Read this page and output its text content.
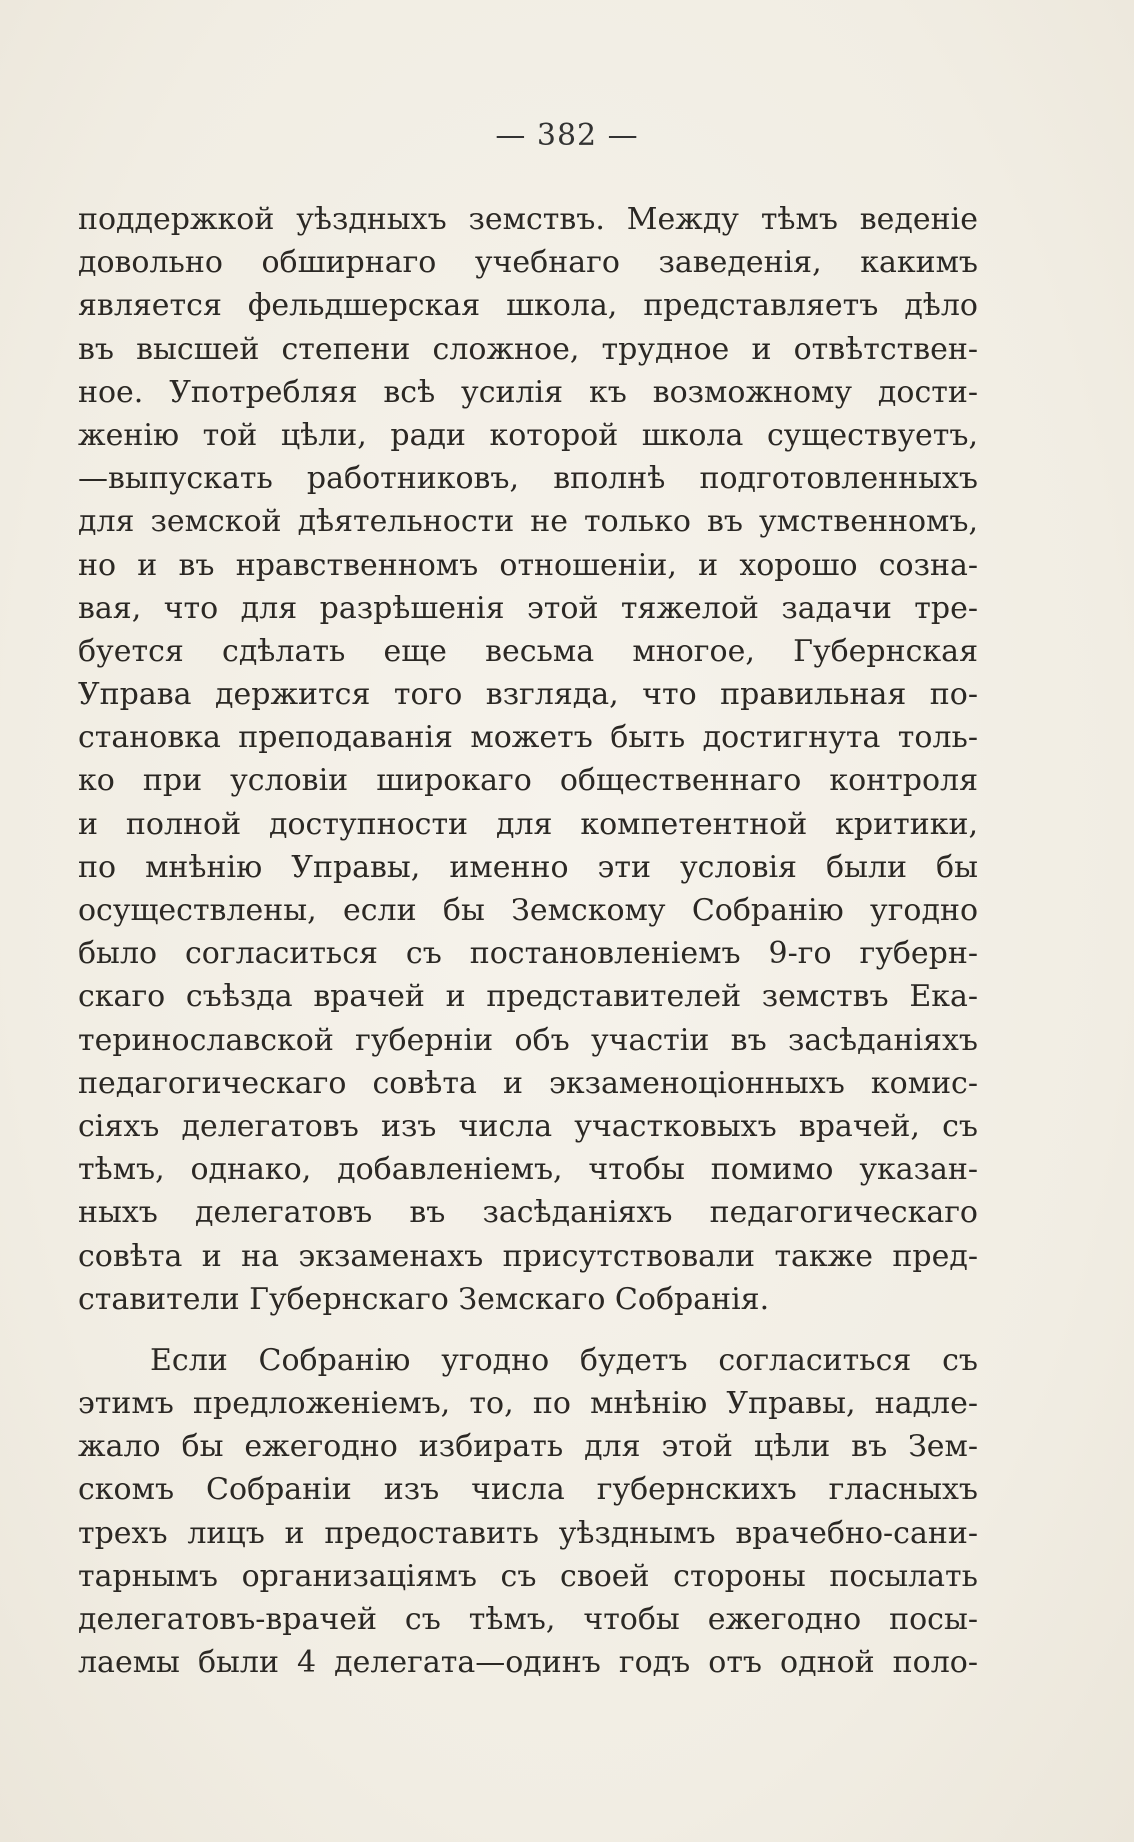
— 382 —
поддержкой уѣздныхъ земствъ. Между тѣмъ веденіе
довольно обширнаго учебнаго заведенія, какимъ
является фельдшерская школа, представляетъ дѣло
въ высшей степени сложное, трудное и отвѣтствен-
ное. Употребляя всѣ усилія къ возможному дости-
женію той цѣли, ради которой школа существуетъ,
—выпускать работниковъ, вполнѣ подготовленныхъ
для земской дѣятельности не только въ умственномъ,
но и въ нравственномъ отношеніи, и хорошо созна-
вая, что для разрѣшенія этой тяжелой задачи тре-
буется сдѣлать еще весьма многое, Губернская
Управа держится того взгляда, что правильная по-
становка преподаванія можетъ быть достигнута толь-
ко при условіи широкаго общественнаго контроля
и полной доступности для компетентной критики,
по мнѣнію Управы, именно эти условія были бы
осуществлены, если бы Земскому Собранію угодно
было согласиться съ постановленіемъ 9-го губерн-
скаго съѣзда врачей и представителей земствъ Ека-
теринославской губерніи объ участіи въ засѣданіяхъ
педагогическаго совѣта и экзаменоціонныхъ комис-
сіяхъ делегатовъ изъ числа участковыхъ врачей, съ
тѣмъ, однако, добавленіемъ, чтобы помимо указан-
ныхъ делегатовъ въ засѣданіяхъ педагогическаго
совѣта и на экзаменахъ присутствовали также пред-
ставители Губернскаго Земскаго Собранія.
Если Собранію угодно будетъ согласиться съ
этимъ предложеніемъ, то, по мнѣнію Управы, надле-
жало бы ежегодно избирать для этой цѣли въ Зем-
скомъ Собраніи изъ числа губернскихъ гласныхъ
трехъ лицъ и предоставить уѣзднымъ врачебно-сани-
тарнымъ организаціямъ съ своей стороны посылать
делегатовъ-врачей съ тѣмъ, чтобы ежегодно посы-
лаемы были 4 делегата—одинъ годъ отъ одной поло-
